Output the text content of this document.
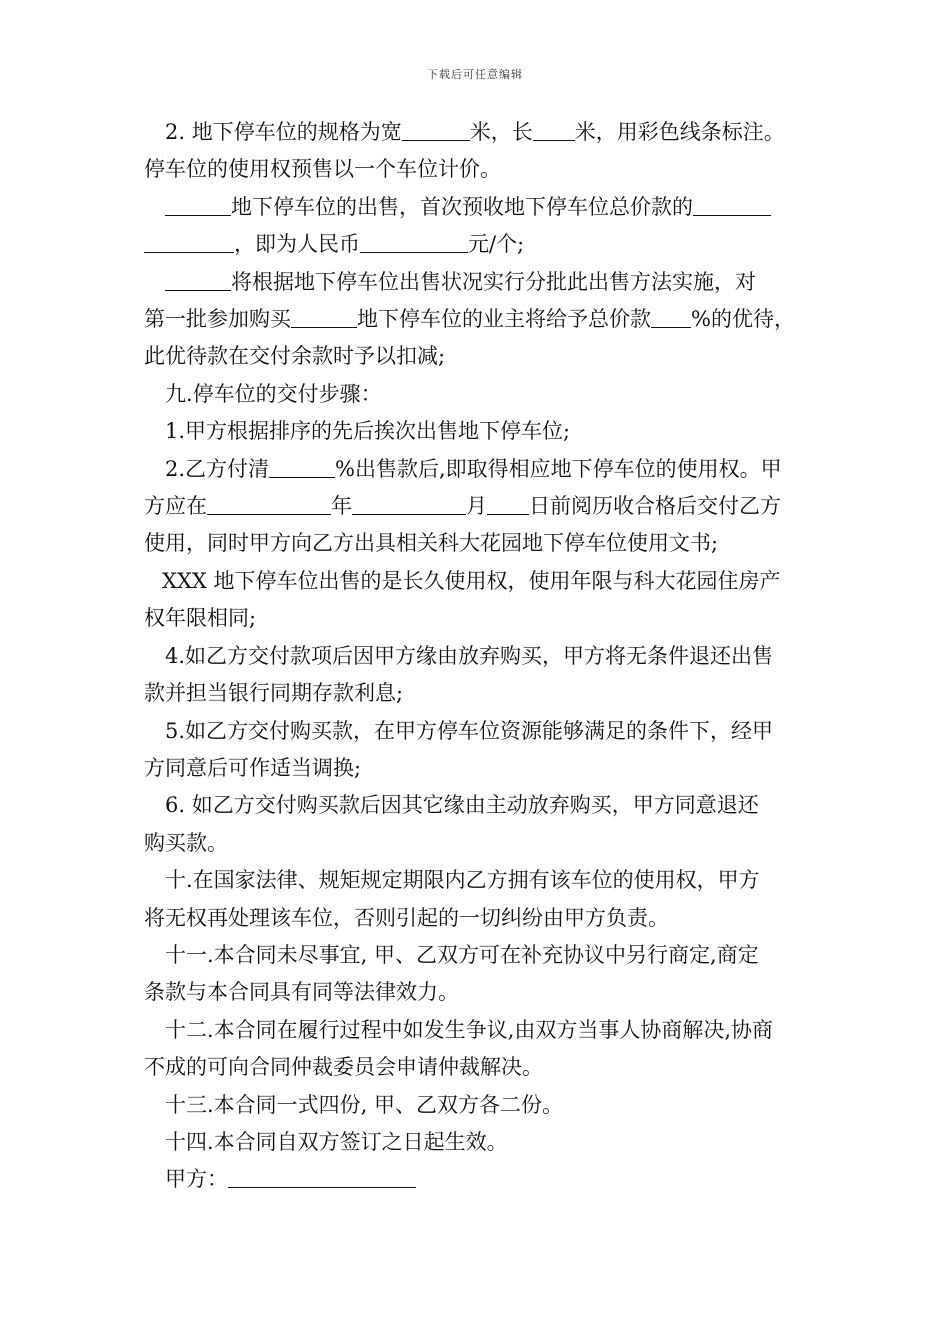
下载后可任意编辑
2. 地下停车位的规格为宽	米，长 米，用彩色线条标注。
停车位的使用权预售以一个车位计价。
地下停车位的出售，首次预收地下停车位总价款的
，即为人民币	元/个;
将根据地下停车位出售状况实行分批此出售方法实施，对
第一批参加购买	地下停车位的业主将给予总价款 %的优待，
此优待款在交付余款时予以扣减;
九.停车位的交付步骤：
1.甲方根据排序的先后挨次出售地下停车位;
2.乙方付清	%出售款后,即取得相应地下停车位的使用权。甲
方应在	年	月 日前阅历收合格后交付乙方
使用，同时甲方向乙方出具相关科大花园地下停车位使用文书;
XXX 地下停车位出售的是长久使用权，使用年限与科大花园住房产
权年限相同;
4.如乙方交付款项后因甲方缘由放弃购买，甲方将无条件退还出售
款并担当银行同期存款利息;
5.如乙方交付购买款，在甲方停车位资源能够满足的条件下，经甲
方同意后可作适当调换;
6. 如乙方交付购买款后因其它缘由主动放弃购买，甲方同意退还
购买款。
十.在国家法律、规矩规定期限内乙方拥有该车位的使用权，甲方
将无权再处理该车位，否则引起的一切纠纷由甲方负责。
十一.本合同未尽事宜, 甲、乙双方可在补充协议中另行商定,商定
条款与本合同具有同等法律效力。
十二.本合同在履行过程中如发生争议,由双方当事人协商解决,协商
不成的可向合同仲裁委员会申请仲裁解决。
十三.本合同一式四份, 甲、乙双方各二份。
十四.本合同自双方签订之日起生效。
甲方：
